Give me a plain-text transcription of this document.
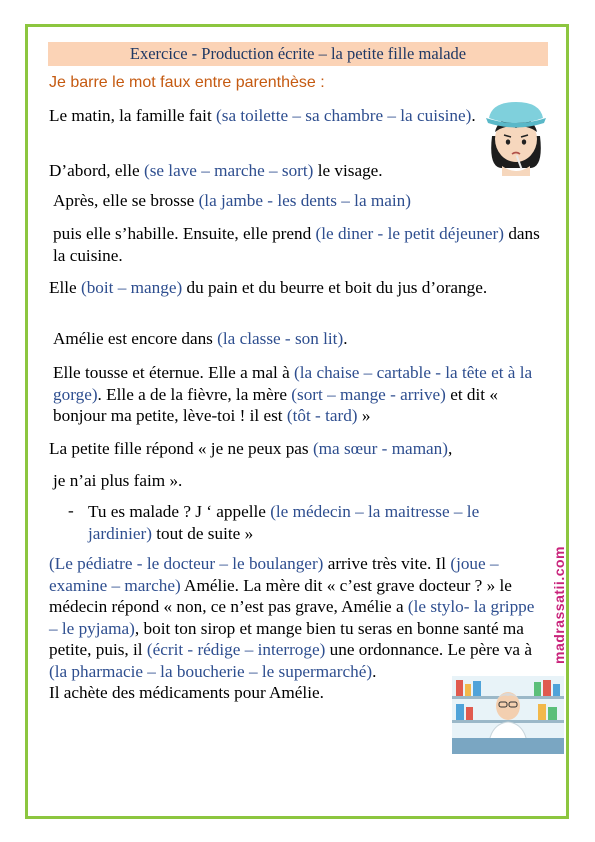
Exercice - Production écrite – la petite fille malade
Je barre le mot faux entre parenthèse :
Le matin, la famille fait (sa toilette – sa chambre – la cuisine).
D’abord, elle (se lave – marche – sort) le visage.
Après, elle se brosse (la jambe - les dents – la main)
puis elle s’habille. Ensuite, elle prend (le diner - le petit déjeuner) dans la cuisine.
Elle (boit – mange) du pain et du beurre et boit du jus d’orange.
Amélie est encore dans (la classe - son lit).
Elle tousse et éternue. Elle a mal à (la chaise – cartable - la tête et à la gorge). Elle a de la fièvre, la mère (sort – mange - arrive) et dit « bonjour ma petite, lève-toi ! il est (tôt - tard) »
La petite fille répond « je ne peux pas (ma sœur - maman),
je n’ai plus faim ».
- Tu es malade ? J ‘ appelle (le médecin – la maitresse – le jardinier) tout de suite »
(Le pédiatre - le docteur – le boulanger) arrive très vite. Il (joue – examine – marche) Amélie. La mère dit « c’est grave docteur ? » le médecin répond « non, ce n’est pas grave, Amélie a (le stylo- la grippe – le pyjama), boit ton sirop et mange bien tu seras en bonne santé ma petite, puis, il (écrit - rédige – interroge) une ordonnance. Le père va à
(la pharmacie – la boucherie – le supermarché).
Il achète des médicaments pour Amélie.
madrassatii.com
